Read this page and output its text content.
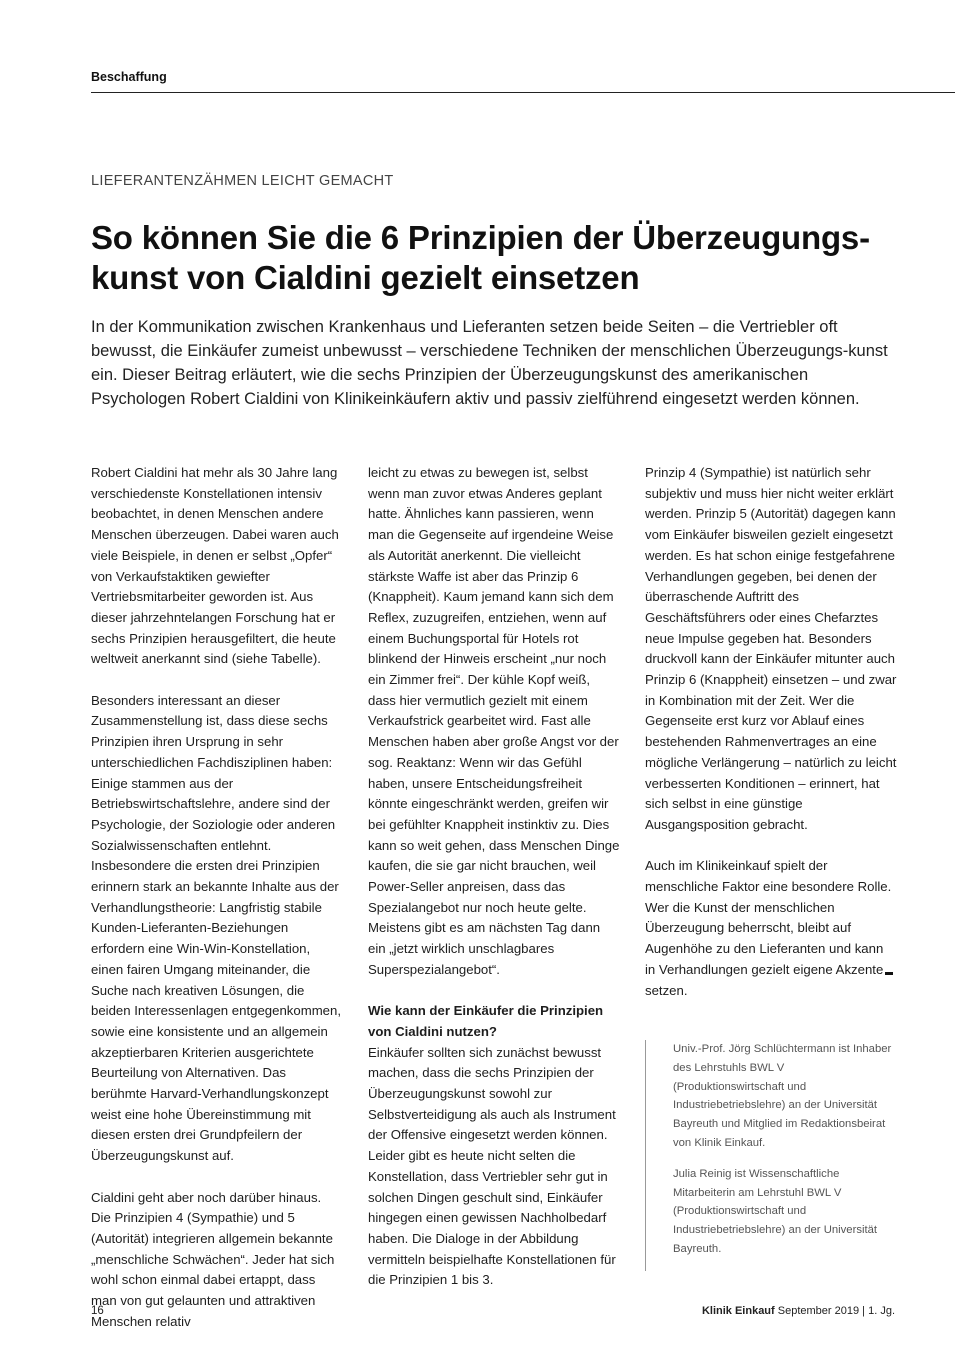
Beschaffung
LIEFERANTENZÄHMEN LEICHT GEMACHT
So können Sie die 6 Prinzipien der Überzeugungs-kunst von Cialdini gezielt einsetzen

In der Kommunikation zwischen Krankenhaus und Lieferanten setzen beide Seiten – die Vertriebler oft bewusst, die Einkäufer zumeist unbewusst – verschiedene Techniken der menschlichen Überzeugungs-kunst ein. Dieser Beitrag erläutert, wie die sechs Prinzipien der Überzeugungskunst des amerikanischen Psychologen Robert Cialdini von Klinikeinkäufern aktiv und passiv zielführend eingesetzt werden können.

Robert Cialdini hat mehr als 30 Jahre lang verschiedenste Konstellationen intensiv beobachtet, in denen Menschen andere Menschen überzeugen. Dabei waren auch viele Beispiele, in denen er selbst „Opfer“ von Verkaufstaktiken gewiefter Vertriebsmitarbeiter geworden ist. Aus dieser jahrzehntelangen Forschung hat er sechs Prinzipien herausgefiltert, die heute weltweit anerkannt sind (siehe Tabelle).

Besonders interessant an dieser Zusammenstellung ist, dass diese sechs Prinzipien ihren Ursprung in sehr unterschiedlichen Fachdisziplinen haben: Einige stammen aus der Betriebswirtschaftslehre, andere sind der Psychologie, der Soziologie oder anderen Sozialwissenschaften entlehnt. Insbesondere die ersten drei Prinzipien erinnern stark an bekannte Inhalte aus der Verhandlungstheorie: Langfristig stabile Kunden-Lieferanten-Beziehungen erfordern eine Win-Win-Konstellation, einen fairen Umgang miteinander, die Suche nach kreativen Lösungen, die beiden Interessenlagen entgegenkommen, sowie eine konsistente und an allgemein akzeptierbaren Kriterien ausgerichtete Beurteilung von Alternativen. Das berühmte Harvard-Verhandlungskonzept weist eine hohe Übereinstimmung mit diesen ersten drei Grundpfeilern der Überzeugungskunst auf.

Cialdini geht aber noch darüber hinaus. Die Prinzipien 4 (Sympathie) und 5 (Autorität) integrieren allgemein bekannte „menschliche Schwächen“. Jeder hat sich wohl schon einmal dabei ertappt, dass man von gut gelaunten und attraktiven Menschen relativ

leicht zu etwas zu bewegen ist, selbst wenn man zuvor etwas Anderes geplant hatte. Ähnliches kann passieren, wenn man die Gegenseite auf irgendeine Weise als Autorität anerkennt. Die vielleicht stärkste Waffe ist aber das Prinzip 6 (Knappheit). Kaum jemand kann sich dem Reflex, zuzugreifen, entziehen, wenn auf einem Buchungsportal für Hotels rot blinkend der Hinweis erscheint „nur noch ein Zimmer frei“. Der kühle Kopf weiß, dass hier vermutlich gezielt mit einem Verkaufstrick gearbeitet wird. Fast alle Menschen haben aber große Angst vor der sog. Reaktanz: Wenn wir das Gefühl haben, unsere Entscheidungsfreiheit könnte eingeschränkt werden, greifen wir bei gefühlter Knappheit instinktiv zu. Dies kann so weit gehen, dass Menschen Dinge kaufen, die sie gar nicht brauchen, weil Power-Seller anpreisen, dass das Spezialangebot nur noch heute gelte. Meistens gibt es am nächsten Tag dann ein „jetzt wirklich unschlagbares Superspezialangebot“.

Wie kann der Einkäufer die Prinzipien von Cialdini nutzen?

Einkäufer sollten sich zunächst bewusst machen, dass die sechs Prinzipien der Überzeugungskunst sowohl zur Selbstverteidigung als auch als Instrument der Offensive eingesetzt werden können. Leider gibt es heute nicht selten die Konstellation, dass Vertriebler sehr gut in solchen Dingen geschult sind, Einkäufer hingegen einen gewissen Nachholbedarf haben. Die Dialoge in der Abbildung vermitteln beispielhafte Konstellationen für die Prinzipien 1 bis 3.

Prinzip 4 (Sympathie) ist natürlich sehr subjektiv und muss hier nicht weiter erklärt werden. Prinzip 5 (Autorität) dagegen kann vom Einkäufer bisweilen gezielt eingesetzt werden. Es hat schon einige festgefahrene Verhandlungen gegeben, bei denen der überraschende Auftritt des Geschäftsführers oder eines Chefarztes neue Impulse gegeben hat. Besonders druckvoll kann der Einkäufer mitunter auch Prinzip 6 (Knappheit) einsetzen – und zwar in Kombination mit der Zeit. Wer die Gegenseite erst kurz vor Ablauf eines bestehenden Rahmenvertrages an eine mögliche Verlängerung – natürlich zu leicht verbesserten Konditionen – erinnert, hat sich selbst in eine günstige Ausgangsposition gebracht.

Auch im Klinikeinkauf spielt der menschliche Faktor eine besondere Rolle. Wer die Kunst der menschlichen Überzeugung beherrscht, bleibt auf Augenhöhe zu den Lieferanten und kann in Verhandlungen gezielt eigene Akzente setzen.

Univ.-Prof. Jörg Schlüchtermann ist Inhaber des Lehrstuhls BWL V (Produktionswirtschaft und Industriebetriebslehre) an der Universität Bayreuth und Mitglied im Redaktionsbeirat von Klinik Einkauf.

Julia Reinig ist Wissenschaftliche Mitarbeiterin am Lehrstuhl BWL V (Produktionswirtschaft und Industriebetriebslehre) an der Universität Bayreuth.

16	Klinik Einkauf September 2019 | 1. Jg.
